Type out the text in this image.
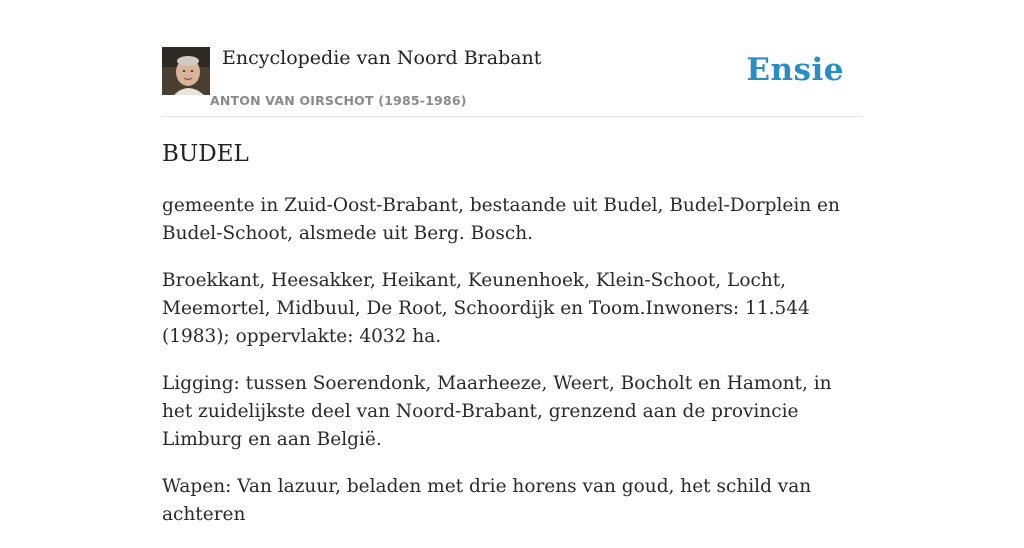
Encyclopedie van Noord Brabant
ANTON VAN OIRSCHOT (1985-1986)
Ensie
BUDEL

gemeente in Zuid-Oost-Brabant, bestaande uit Budel, Budel-Dorplein en Budel-Schoot, alsmede uit Berg. Bosch.

Broekkant, Heesakker, Heikant, Keunenhoek, Klein-Schoot, Locht, Meemortel, Midbuul, De Root, Schoordijk en Toom.Inwoners: 11.544 (1983); oppervlakte: 4032 ha.

Ligging: tussen Soerendonk, Maarheeze, Weert, Bocholt en Hamont, in het zuidelijkste deel van Noord-Brabant, grenzend aan de provincie Limburg en aan België.

Wapen: Van lazuur, beladen met drie horens van goud, het schild van achteren
